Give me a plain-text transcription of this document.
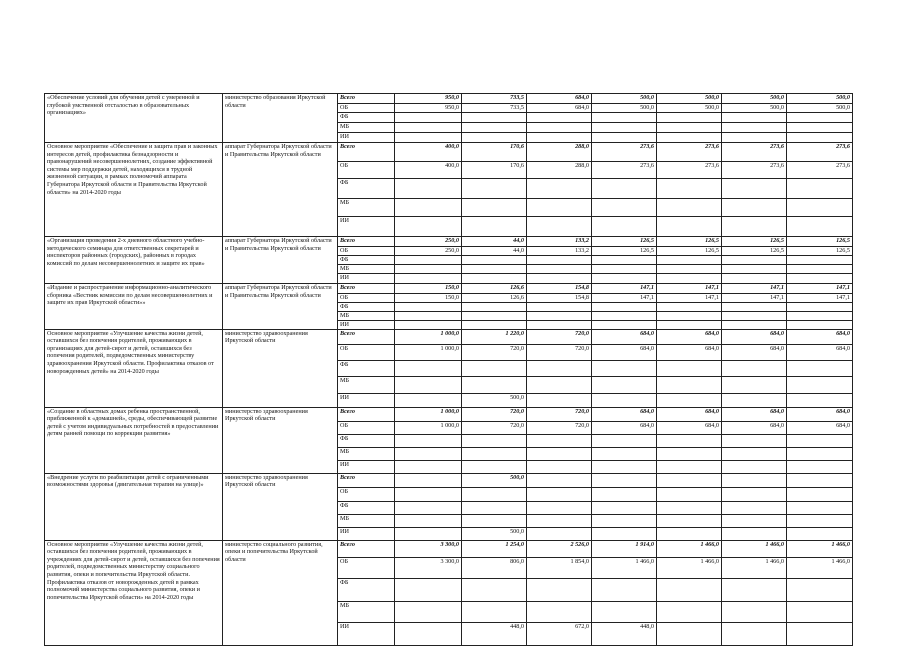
«Обеспечение условий для обучения детей с умеренной и глубокой умственной отсталостью в образовательных организациях»	министерство образования Иркутской области	Всего	950,0	733,5	684,0	500,0	500,0	500,0	500,0
		ОБ	950,0	733,5	684,0	500,0	500,0	500,0	500,0
		ФБ							
		МБ							
		ИИ							
Основное мероприятие «Обеспечение и защита прав и законных интересов детей, профилактика безнадзорности и правонарушений несовершеннолетних, создание эффективной системы мер поддержки детей, находящихся в трудной жизненной ситуации, в рамках полномочий аппарата Губернатора Иркутской области и Правительства Иркутской области» на 2014-2020 годы	аппарат Губернатора Иркутской области и Правительства Иркутской области	Всего	400,0	170,6	288,0	273,6	273,6	273,6	273,6
		ОБ	400,0	170,6	288,0	273,6	273,6	273,6	273,6
		ФБ							
		МБ							
		ИИ							
«Организация проведения 2-х дневного областного учебно-методического семинара для ответственных секретарей и инспекторов районных (городских), районных в городах комиссий по делам несовершеннолетних и защите их прав»	аппарат Губернатора Иркутской области и Правительства Иркутской области	Всего	250,0	44,0	133,2	126,5	126,5	126,5	126,5
		ОБ	250,0	44,0	133,2	126,5	126,5	126,5	126,5
		ФБ							
		МБ							
		ИИ							
«Издание и распространение информационно-аналитического сборника «Вестник комиссии по делам несовершеннолетних и защите их прав Иркутской области»»	аппарат Губернатора Иркутской области и Правительства Иркутской области	Всего	150,0	126,6	154,8	147,1	147,1	147,1	147,1
		ОБ	150,0	126,6	154,8	147,1	147,1	147,1	147,1
		ФБ							
		МБ							
		ИИ							
Основное мероприятие «Улучшение качества жизни детей, оставшихся без попечения родителей, проживающих в организациях для детей-сирот и детей, оставшихся без попечения родителей, подведомственных министерству здравоохранения Иркутской области. Профилактика отказов от новорожденных детей» на 2014-2020 годы	министерство здравоохранения Иркутской области	Всего	1 000,0	1 220,0	720,0	684,0	684,0	684,0	684,0
		ОБ	1 000,0	720,0	720,0	684,0	684,0	684,0	684,0
		ФБ							
		МБ							
		ИИ		500,0					
«Создание в областных домах ребенка пространственной, приближенной к «домашней», среды, обеспечивающей развитие детей с учетом индивидуальных потребностей в предоставлении детям ранней помощи по коррекции развития»	министерство здравоохранения Иркутской области	Всего	1 000,0	720,0	720,0	684,0	684,0	684,0	684,0
		ОБ	1 000,0	720,0	720,0	684,0	684,0	684,0	684,0
		ФБ							
		МБ							
		ИИ							
«Внедрение услуги по реабилитации детей с ограниченными возможностями здоровья (двигательная терапия на улице)»	министерство здравоохранения Иркутской области	Всего		500,0					
		ОБ							
		ФБ							
		МБ							
		ИИ		500,0					
Основное мероприятие «Улучшение качества жизни детей, оставшихся без попечения родителей, проживающих в учреждениях для детей-сирот и детей, оставшихся без попечения родителей, подведомственных министерству социального развития, опеки и попечительства Иркутской области. Профилактика отказов от новорожденных детей в рамках полномочий министерства социального развития, опеки и попечительства Иркутской области» на 2014-2020 годы	министерство социального развития, опеки и попечительства Иркутской области	Всего	3 300,0	1 254,0	2 526,0	1 914,0	1 466,0	1 466,0	1 466,0
		ОБ	3 300,0	806,0	1 854,0	1 466,0	1 466,0	1 466,0	1 466,0
		ФБ							
		МБ							
		ИИ		448,0	672,0	448,0			
